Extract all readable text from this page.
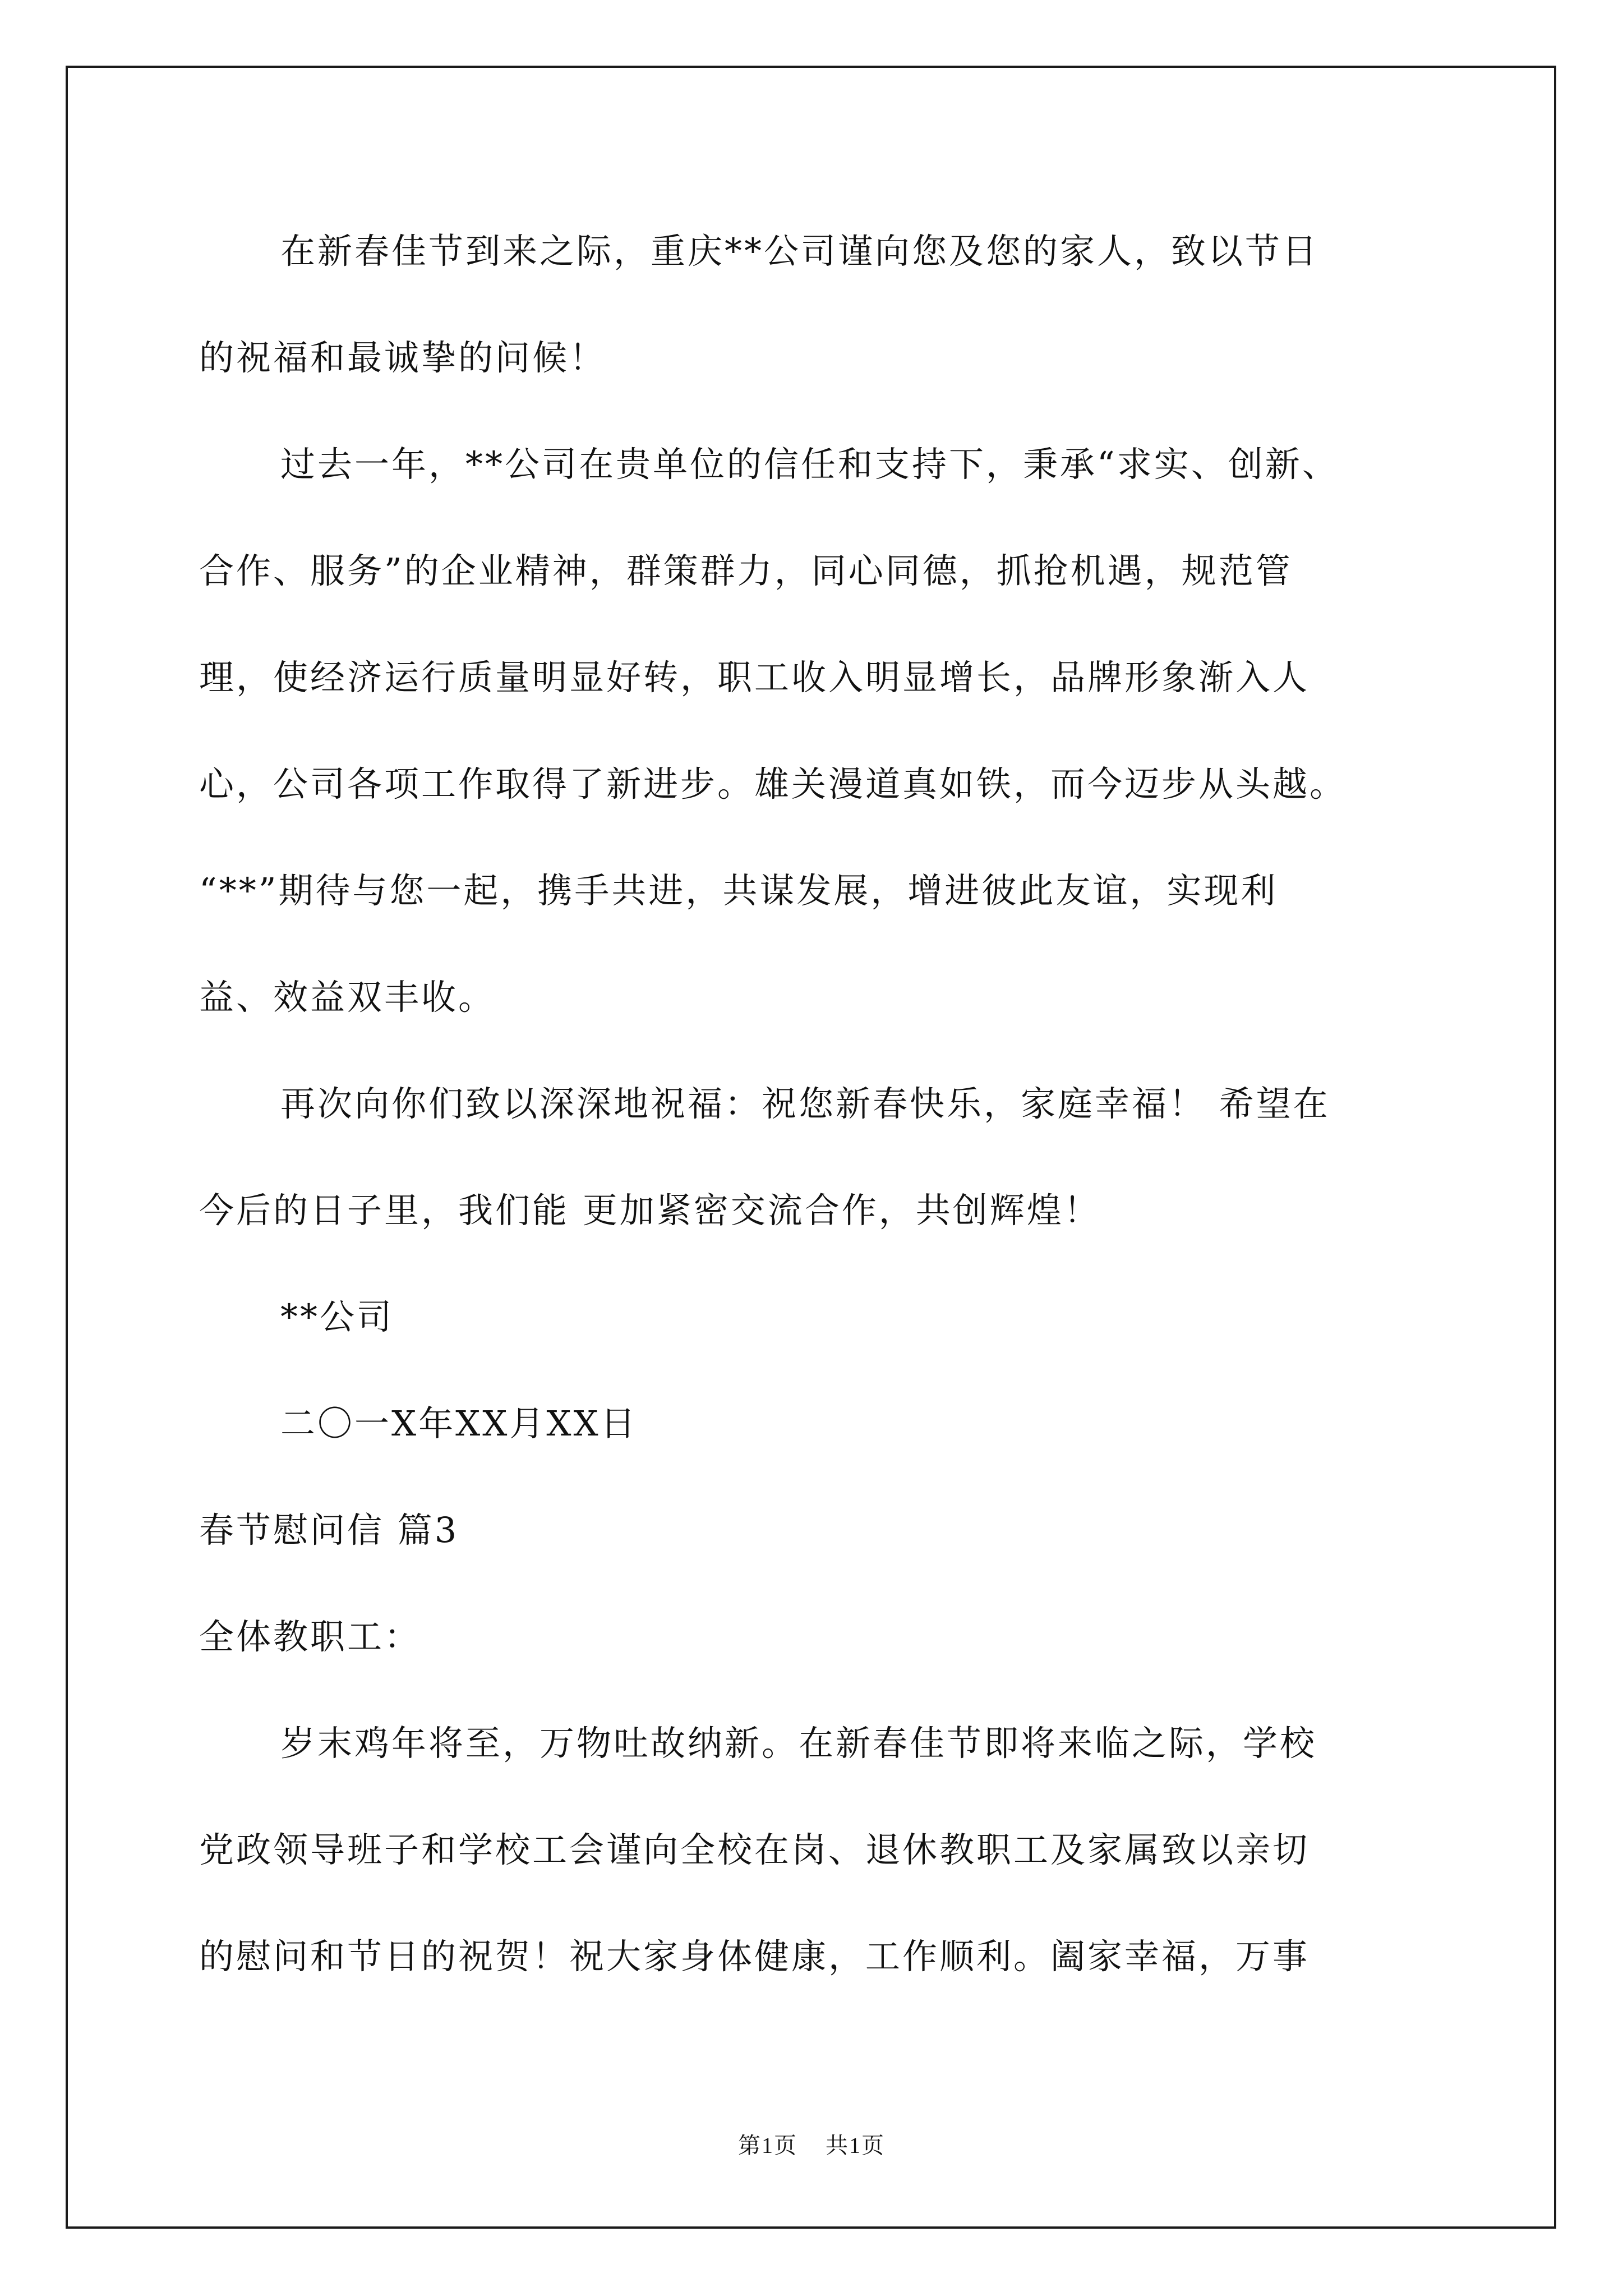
在新春佳节到来之际，重庆**公司谨向您及您的家人，致以节日
的祝福和最诚挚的问候！
过去一年，**公司在贵单位的信任和支持下，秉承“求实、创新、
合作、服务”的企业精神，群策群力，同心同德，抓抢机遇，规范管
理，使经济运行质量明显好转，职工收入明显增长，品牌形象渐入人
心，公司各项工作取得了新进步。雄关漫道真如铁，而今迈步从头越。
“**”期待与您一起，携手共进，共谋发展，增进彼此友谊，实现利
益、效益双丰收。
再次向你们致以深深地祝福：祝您新春快乐，家庭幸福！ 希望在
今后的日子里，我们能 更加紧密交流合作，共创辉煌！
**公司
二〇一X年XX月XX日
春节慰问信 篇3
全体教职工：
岁末鸡年将至，万物吐故纳新。在新春佳节即将来临之际，学校
党政领导班子和学校工会谨向全校在岗、退休教职工及家属致以亲切
的慰问和节日的祝贺！祝大家身体健康，工作顺利。阖家幸福，万事
第1页 共1页
